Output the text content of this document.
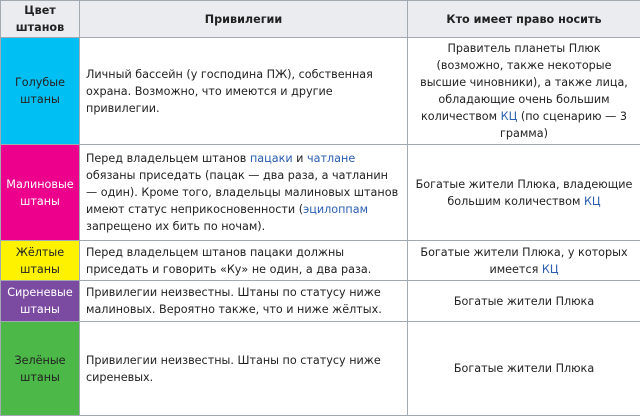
Цвет штанов	Привилегии	Кто имеет право носить
Голубые штаны	Личный бассейн (у господина ПЖ), собственная охрана. Возможно, что имеются и другие привилегии.	Правитель планеты Плюк (возможно, также некоторые высшие чиновники), а также лица, обладающие очень большим количеством КЦ (по сценарию — 3 грамма)
Малиновые штаны	Перед владельцем штанов пацаки и чатлане обязаны приседать (пацак — два раза, а чатланин — один). Кроме того, владельцы малиновых штанов имеют статус неприкосновенности (эцилоппам запрещено их бить по ночам).	Богатые жители Плюка, владеющие большим количеством КЦ
Жёлтые штаны	Перед владельцем штанов пацаки должны приседать и говорить «Ку» не один, а два раза.	Богатые жители Плюка, у которых имеется КЦ
Сиреневые штаны	Привилегии неизвестны. Штаны по статусу ниже малиновых. Вероятно также, что и ниже жёлтых.	Богатые жители Плюка
Зелёные штаны	Привилегии неизвестны. Штаны по статусу ниже сиреневых.	Богатые жители Плюка
